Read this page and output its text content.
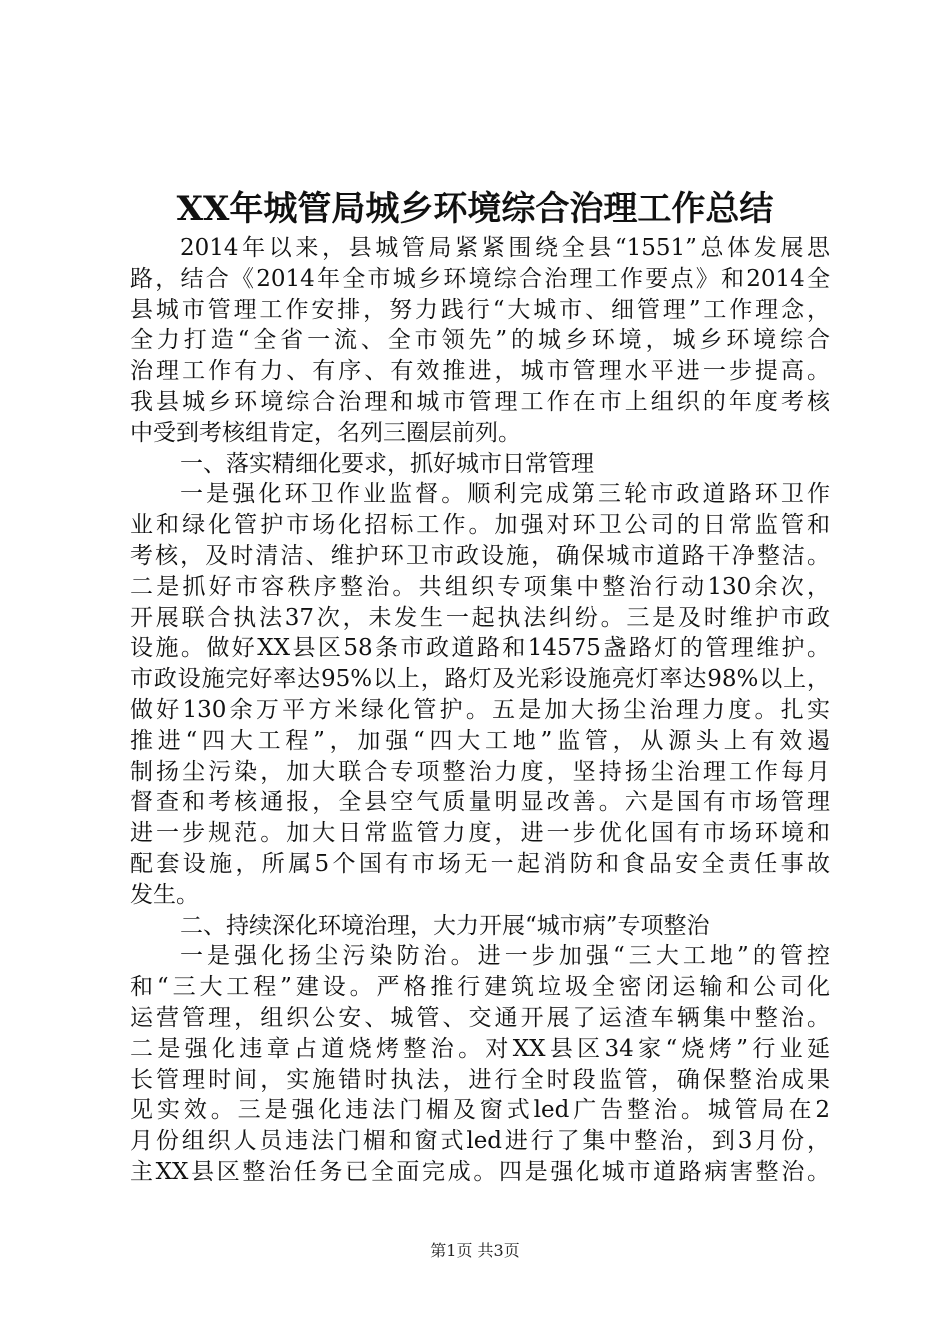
XX年城管局城乡环境综合治理工作总结
2014年以来，县城管局紧紧围绕全县“1551”总体发展思
路，结合《2014年全市城乡环境综合治理工作要点》和2014全
县城市管理工作安排，努力践行“大城市、细管理”工作理念，
全力打造“全省一流、全市领先”的城乡环境，城乡环境综合
治理工作有力、有序、有效推进，城市管理水平进一步提高。
我县城乡环境综合治理和城市管理工作在市上组织的年度考核
中受到考核组肯定，名列三圈层前列。
一、落实精细化要求，抓好城市日常管理
一是强化环卫作业监督。顺利完成第三轮市政道路环卫作
业和绿化管护市场化招标工作。加强对环卫公司的日常监管和
考核，及时清洁、维护环卫市政设施，确保城市道路干净整洁。
二是抓好市容秩序整治。共组织专项集中整治行动130余次，
开展联合执法37次，未发生一起执法纠纷。三是及时维护市政
设施。做好XX县区58条市政道路和14575盏路灯的管理维护。
市政设施完好率达95%以上，路灯及光彩设施亮灯率达98%以上，
做好130余万平方米绿化管护。五是加大扬尘治理力度。扎实
推进“四大工程”，加强“四大工地”监管，从源头上有效遏
制扬尘污染，加大联合专项整治力度，坚持扬尘治理工作每月
督查和考核通报，全县空气质量明显改善。六是国有市场管理
进一步规范。加大日常监管力度，进一步优化国有市场环境和
配套设施，所属5个国有市场无一起消防和食品安全责任事故
发生。
二、持续深化环境治理，大力开展“城市病”专项整治
一是强化扬尘污染防治。进一步加强“三大工地”的管控
和“三大工程”建设。严格推行建筑垃圾全密闭运输和公司化
运营管理，组织公安、城管、交通开展了运渣车辆集中整治。
二是强化违章占道烧烤整治。对XX县区34家“烧烤”行业延
长管理时间，实施错时执法，进行全时段监管，确保整治成果
见实效。三是强化违法门楣及窗式led广告整治。城管局在2
月份组织人员违法门楣和窗式led进行了集中整治，到3月份，
主XX县区整治任务已全面完成。四是强化城市道路病害整治。
第1页 共3页
